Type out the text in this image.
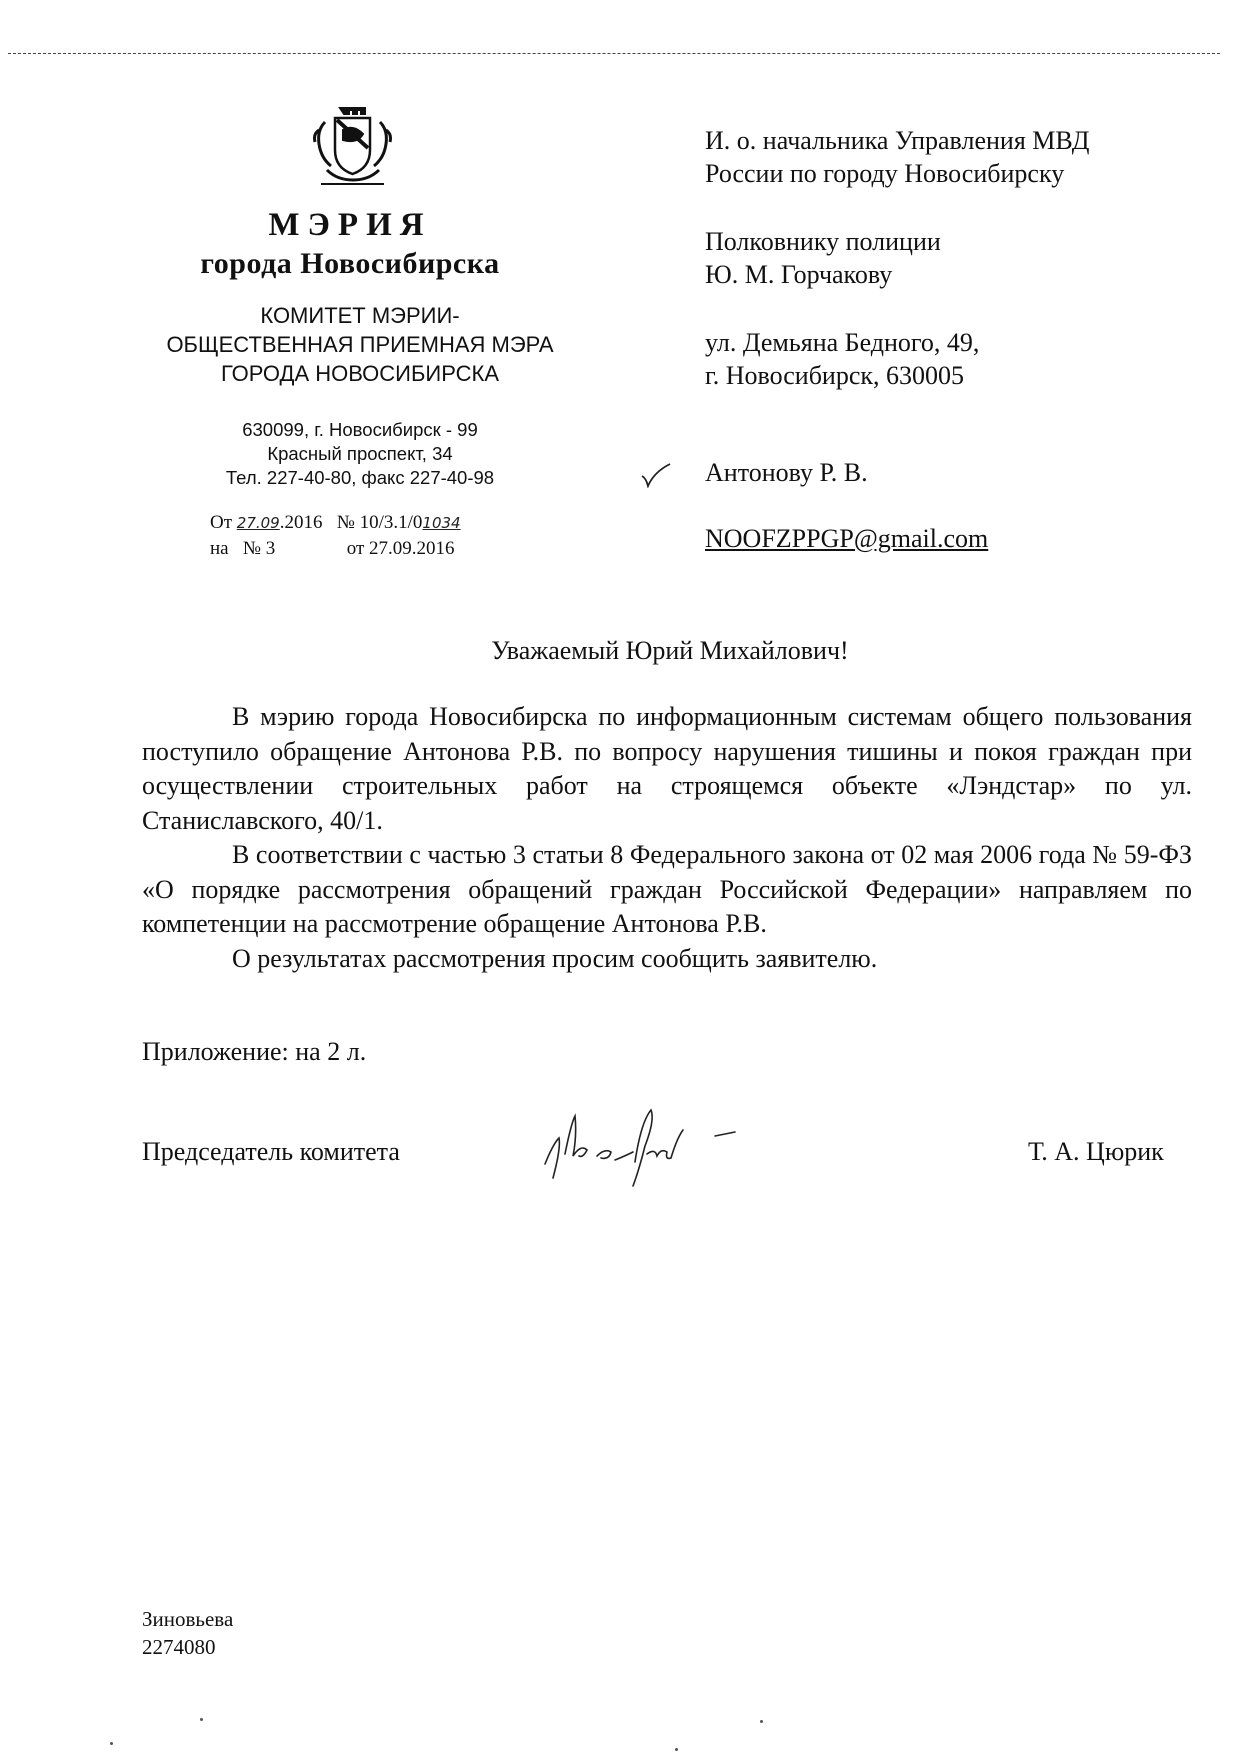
МЭРИЯ
города Новосибирска
КОМИТЕТ МЭРИИ-
ОБЩЕСТВЕННАЯ ПРИЕМНАЯ МЭРА
ГОРОДА НОВОСИБИРСКА
630099, г. Новосибирск - 99
Красный проспект, 34
Тел. 227-40-80, факс 227-40-98
От 27.09.2016 № 10/3.1/01034
на № 3	от 27.09.2016
И. о. начальника Управления МВД
России по городу Новосибирску
Полковнику полиции
Ю. М. Горчакову
ул. Демьяна Бедного, 49,
г. Новосибирск, 630005
Антонову Р. В.
NOOFZPPGP@gmail.com
Уважаемый Юрий Михайлович!

В мэрию города Новосибирска по информационным системам общего пользования поступило обращение Антонова Р.В. по вопросу нарушения тишины и покоя граждан при осуществлении строительных работ на строящемся объекте «Лэндстар» по ул. Станиславского, 40/1.

В соответствии с частью 3 статьи 8 Федерального закона от 02 мая 2006 года № 59-ФЗ «О порядке рассмотрения обращений граждан Российской Федерации» направляем по компетенции на рассмотрение обращение Антонова Р.В.

О результатах рассмотрения просим сообщить заявителю.

Приложение: на 2 л.
Председатель комитета	Т. А. Цюрик
Зиновьева
2274080
